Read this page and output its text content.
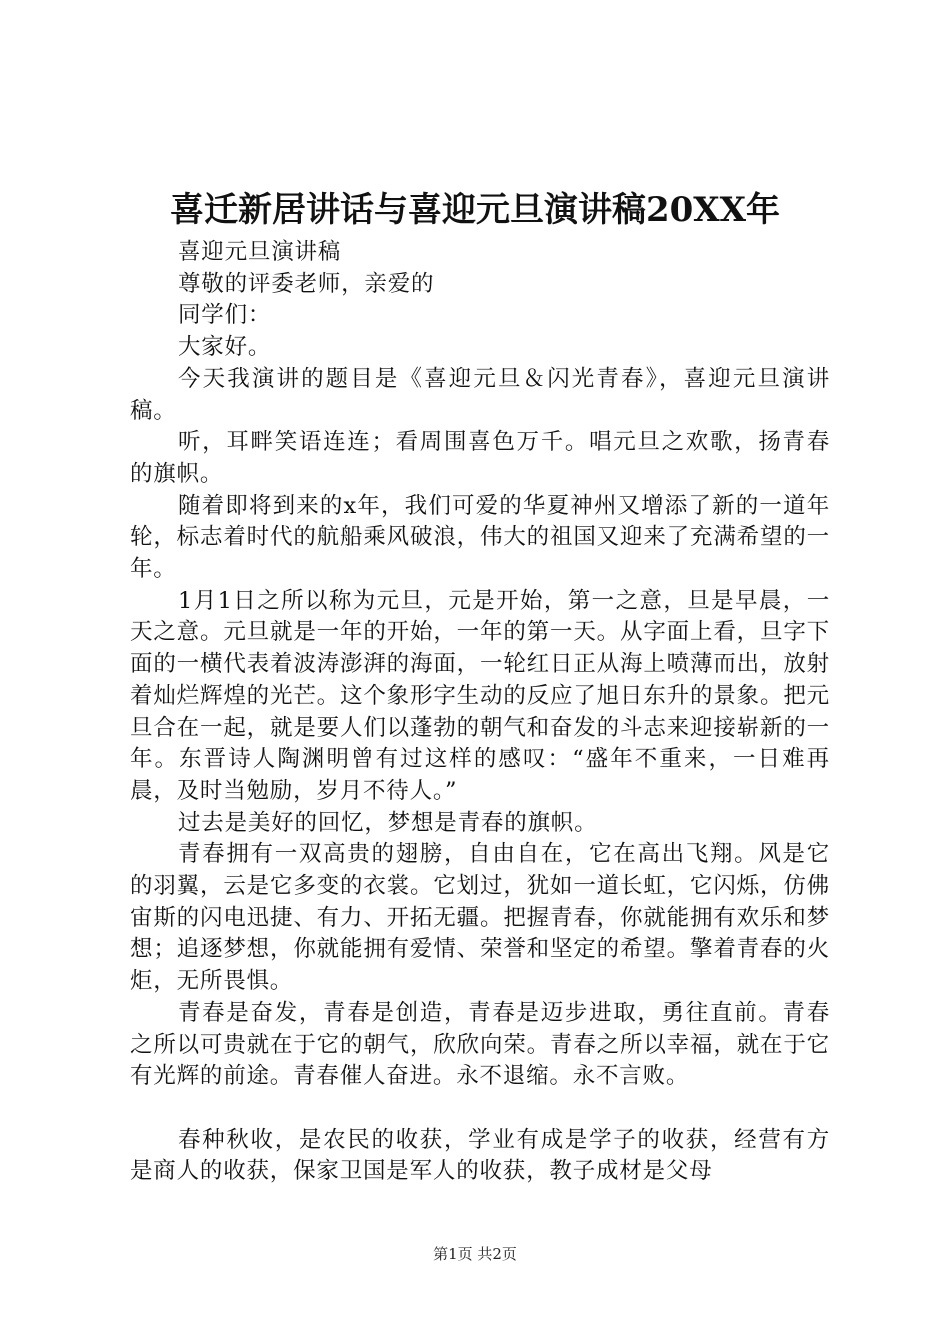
喜迁新居讲话与喜迎元旦演讲稿20XX年

喜迎元旦演讲稿

尊敬的评委老师，亲爱的

同学们：

大家好。

今天我演讲的题目是《喜迎元旦＆闪光青春》，喜迎元旦演讲稿。

听，耳畔笑语连连；看周围喜色万千。唱元旦之欢歌，扬青春的旗帜。

随着即将到来的x年，我们可爱的华夏神州又增添了新的一道年轮，标志着时代的航船乘风破浪，伟大的祖国又迎来了充满希望的一年。

1月1日之所以称为元旦，元是开始，第一之意，旦是早晨，一天之意。元旦就是一年的开始，一年的第一天。从字面上看，旦字下面的一横代表着波涛澎湃的海面，一轮红日正从海上喷薄而出，放射着灿烂辉煌的光芒。这个象形字生动的反应了旭日东升的景象。把元旦合在一起，就是要人们以蓬勃的朝气和奋发的斗志来迎接崭新的一年。东晋诗人陶渊明曾有过这样的感叹：“盛年不重来，一日难再晨，及时当勉励，岁月不待人。”

过去是美好的回忆，梦想是青春的旗帜。

青春拥有一双高贵的翅膀，自由自在，它在高出飞翔。风是它的羽翼，云是它多变的衣裳。它划过，犹如一道长虹，它闪烁，仿佛宙斯的闪电迅捷、有力、开拓无疆。把握青春，你就能拥有欢乐和梦想；追逐梦想，你就能拥有爱情、荣誉和坚定的希望。擎着青春的火炬，无所畏惧。

青春是奋发，青春是创造，青春是迈步进取，勇往直前。青春之所以可贵就在于它的朝气，欣欣向荣。青春之所以幸福，就在于它有光辉的前途。青春催人奋进。永不退缩。永不言败。

春种秋收，是农民的收获，学业有成是学子的收获，经营有方是商人的收获，保家卫国是军人的收获，教子成材是父母

第1页 共2页
